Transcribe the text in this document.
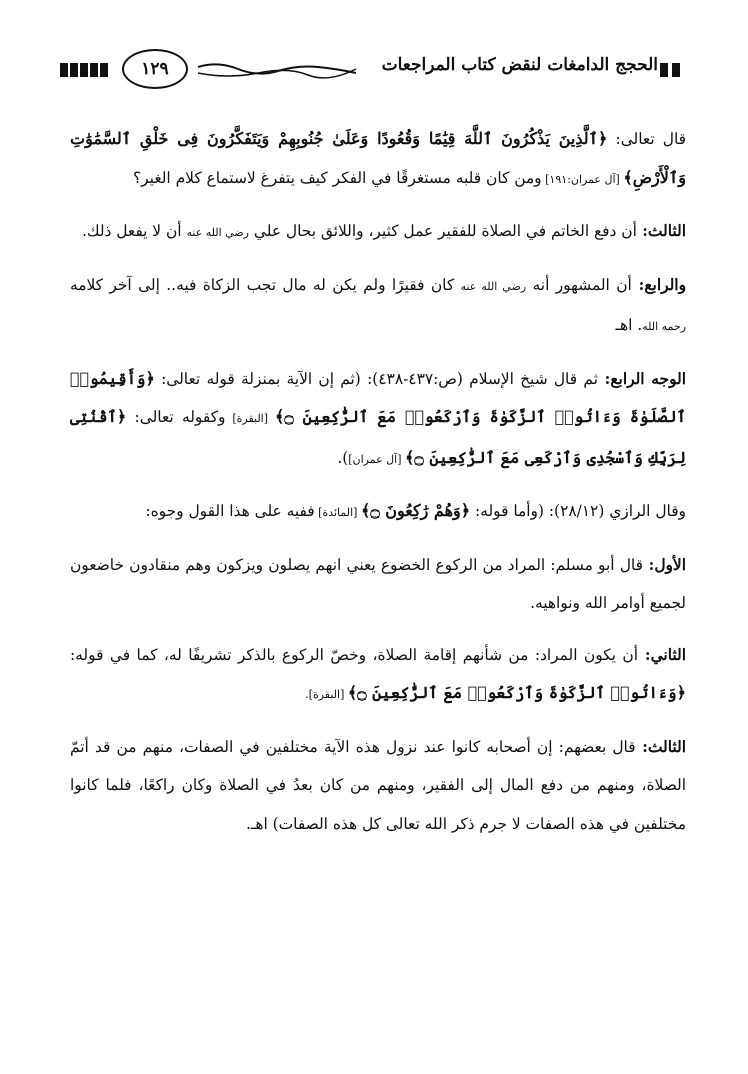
١٢٩	الحجج الدامغات لنقض كتاب المراجعات

قال تعالى: ﴿ٱلَّذِينَ يَذْكُرُونَ ٱللَّهَ قِيَٰمًا وَقُعُودًا وَعَلَىٰ جُنُوبِهِمْ وَيَتَفَكَّرُونَ فِى خَلْقِ ٱلسَّمَٰوَٰتِ وَٱلْأَرْضِ﴾ [آل عمران:١٩١] ومن كان قلبه مستغرقًا في الفكر كيف يتفرغ لاستماع كلام الغير؟

الثالث: أن دفع الخاتم في الصلاة للفقير عمل كثير، واللائق بحال علي رضي الله عنه أن لا يفعل ذلك.

والرابع: أن المشهور أنه رضي الله عنه كان فقيرًا ولم يكن له مال تجب الزكاة فيه.. إلى آخر كلامه رحمه الله. اهـ

الوجه الرابع: ثم قال شيخ الإسلام (ص:٤٣٧-٤٣٨): (ثم إن الآية بمنزلة قوله تعالى: ﴿وَأَقِيمُوا۟ ٱلصَّلَوٰةَ وَءَاتُوا۟ ٱلزَّكَوٰةَ وَٱرْكَعُوا۟ مَعَ ٱلرَّٰكِعِينَ ۝﴾ [البقرة] وكقوله تعالى: ﴿ٱقْنُتِى لِرَبِّكِ وَٱسْجُدِى وَٱرْكَعِى مَعَ ٱلرَّٰكِعِينَ ۝﴾ [آل عمران]).

وقال الرازي (٢٨/١٢): (وأما قوله: ﴿وَهُمْ رَٰكِعُونَ ۝﴾ [المائدة] ففيه على هذا القول وجوه:

الأول: قال أبو مسلم: المراد من الركوع الخضوع يعني انهم يصلون ويزكون وهم منقادون خاضعون لجميع أوامر الله ونواهيه.

الثاني: أن يكون المراد: من شأنهم إقامة الصلاة، وخصّ الركوع بالذكر تشريفًا له، كما في قوله: ﴿وَءَاتُوا۟ ٱلزَّكَوٰةَ وَٱرْكَعُوا۟ مَعَ ٱلرَّٰكِعِينَ ۝﴾ [البقرة].

الثالث: قال بعضهم: إن أصحابه كانوا عند نزول هذه الآية مختلفين في الصفات، منهم من قد أتمّ الصلاة، ومنهم من دفع المال إلى الفقير، ومنهم من كان بعدُ في الصلاة وكان راكعًا، فلما كانوا مختلفين في هذه الصفات لا جرم ذكر الله تعالى كل هذه الصفات) اهـ.
